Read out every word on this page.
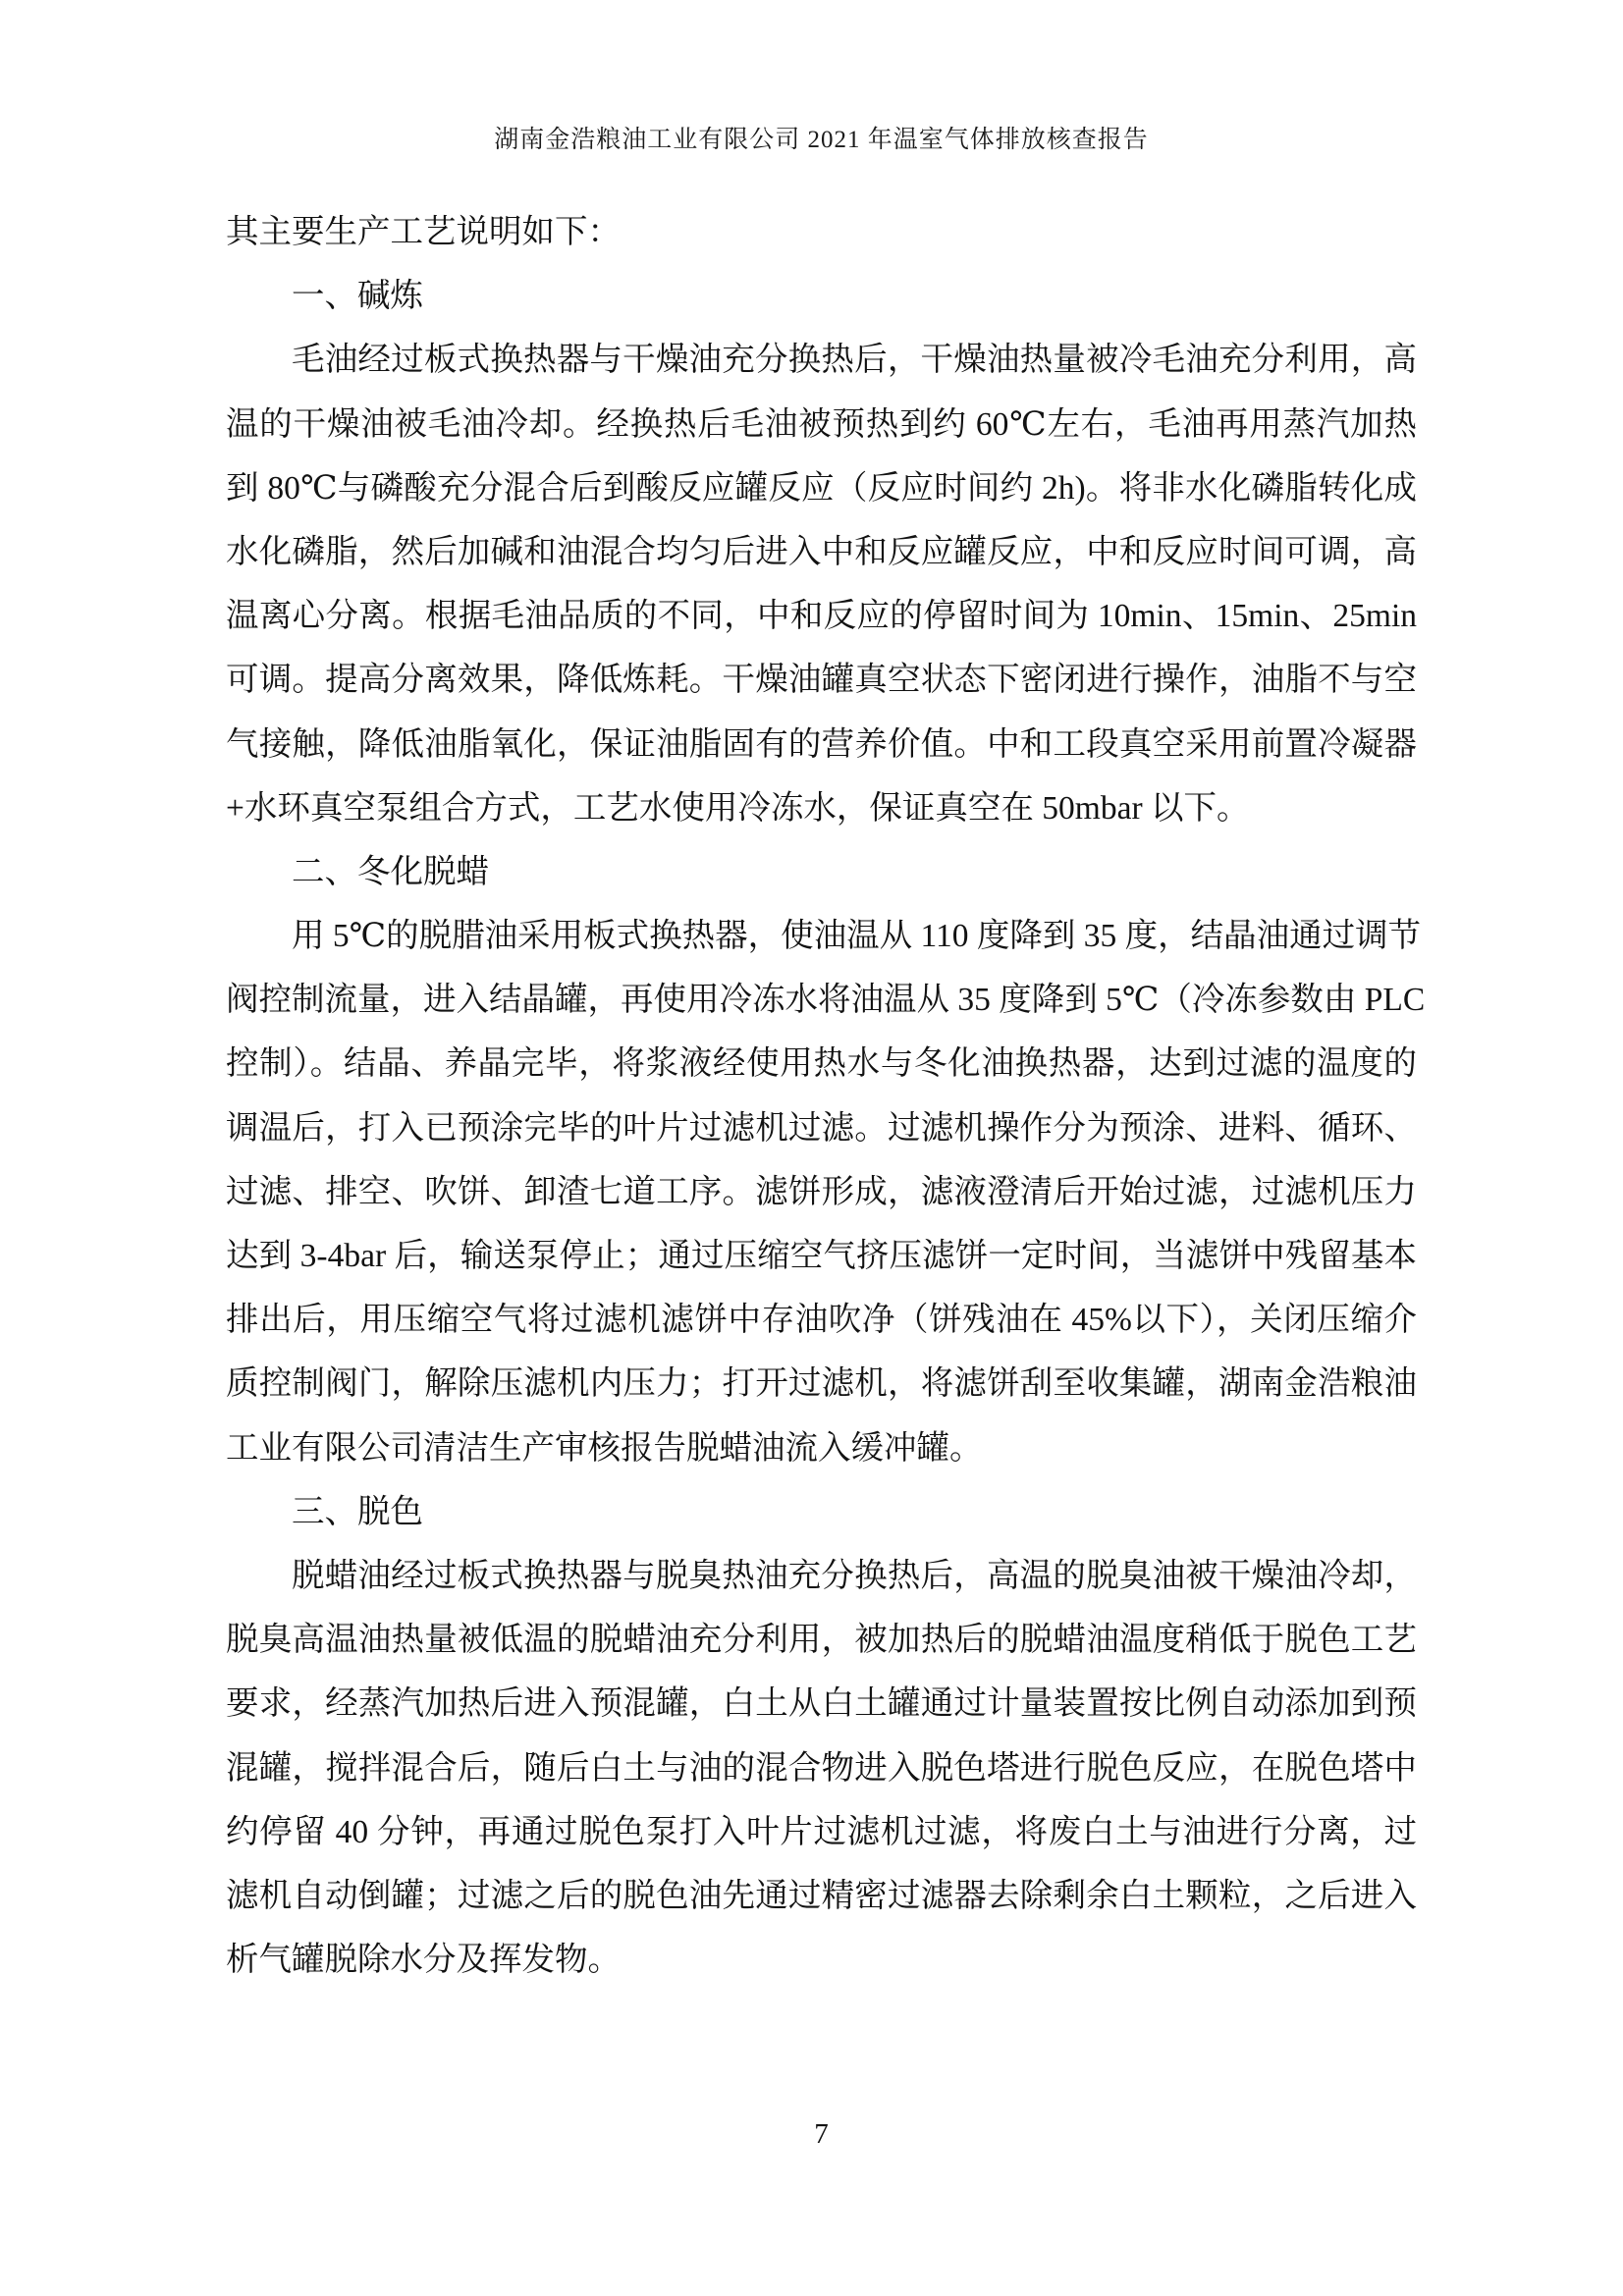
湖南金浩粮油工业有限公司 2021 年温室气体排放核查报告
其主要生产工艺说明如下：
一、碱炼
毛油经过板式换热器与干燥油充分换热后，干燥油热量被冷毛油充分利用，高
温的干燥油被毛油冷却。经换热后毛油被预热到约 60℃左右，毛油再用蒸汽加热
到 80℃与磷酸充分混合后到酸反应罐反应（反应时间约 2h)。将非水化磷脂转化成
水化磷脂，然后加碱和油混合均匀后进入中和反应罐反应，中和反应时间可调，高
温离心分离。根据毛油品质的不同，中和反应的停留时间为 10min、15min、25min
可调。提高分离效果，降低炼耗。干燥油罐真空状态下密闭进行操作，油脂不与空
气接触，降低油脂氧化，保证油脂固有的营养价值。中和工段真空采用前置冷凝器
+水环真空泵组合方式，工艺水使用冷冻水，保证真空在 50mbar 以下。
二、冬化脱蜡
用 5℃的脱腊油采用板式换热器，使油温从 110 度降到 35 度，结晶油通过调节
阀控制流量，进入结晶罐，再使用冷冻水将油温从 35 度降到 5℃（冷冻参数由 PLC
控制）。结晶、养晶完毕，将浆液经使用热水与冬化油换热器，达到过滤的温度的
调温后，打入已预涂完毕的叶片过滤机过滤。过滤机操作分为预涂、进料、循环、
过滤、排空、吹饼、卸渣七道工序。滤饼形成，滤液澄清后开始过滤，过滤机压力
达到 3-4bar 后，输送泵停止；通过压缩空气挤压滤饼一定时间，当滤饼中残留基本
排出后，用压缩空气将过滤机滤饼中存油吹净（饼残油在 45%以下），关闭压缩介
质控制阀门，解除压滤机内压力；打开过滤机，将滤饼刮至收集罐，湖南金浩粮油
工业有限公司清洁生产审核报告脱蜡油流入缓冲罐。
三、脱色
脱蜡油经过板式换热器与脱臭热油充分换热后，高温的脱臭油被干燥油冷却，
脱臭高温油热量被低温的脱蜡油充分利用，被加热后的脱蜡油温度稍低于脱色工艺
要求，经蒸汽加热后进入预混罐，白土从白土罐通过计量装置按比例自动添加到预
混罐，搅拌混合后，随后白土与油的混合物进入脱色塔进行脱色反应，在脱色塔中
约停留 40 分钟，再通过脱色泵打入叶片过滤机过滤，将废白土与油进行分离，过
滤机自动倒罐；过滤之后的脱色油先通过精密过滤器去除剩余白土颗粒，之后进入
析气罐脱除水分及挥发物。
7
